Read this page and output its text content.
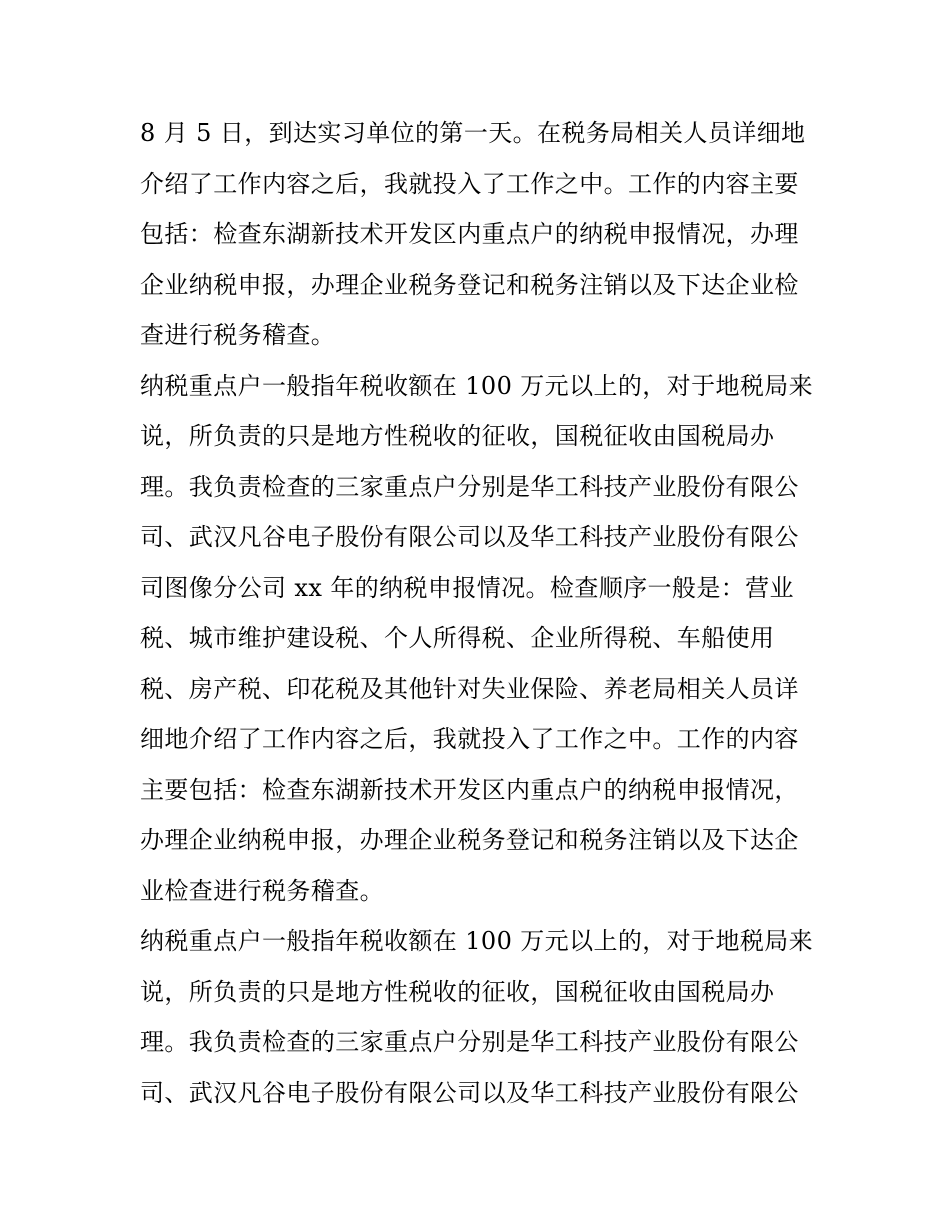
8 月 5 日，到达实习单位的第一天。在税务局相关人员详细地
介绍了工作内容之后，我就投入了工作之中。工作的内容主要
包括：检查东湖新技术开发区内重点户的纳税申报情况，办理
企业纳税申报，办理企业税务登记和税务注销以及下达企业检
查进行税务稽查。
纳税重点户一般指年税收额在 100 万元以上的，对于地税局来
说，所负责的只是地方性税收的征收，国税征收由国税局办
理。我负责检查的三家重点户分别是华工科技产业股份有限公
司、武汉凡谷电子股份有限公司以及华工科技产业股份有限公
司图像分公司 xx 年的纳税申报情况。检查顺序一般是：营业
税、城市维护建设税、个人所得税、企业所得税、车船使用
税、房产税、印花税及其他针对失业保险、养老局相关人员详
细地介绍了工作内容之后，我就投入了工作之中。工作的内容
主要包括：检查东湖新技术开发区内重点户的纳税申报情况，
办理企业纳税申报，办理企业税务登记和税务注销以及下达企
业检查进行税务稽查。
纳税重点户一般指年税收额在 100 万元以上的，对于地税局来
说，所负责的只是地方性税收的征收，国税征收由国税局办
理。我负责检查的三家重点户分别是华工科技产业股份有限公
司、武汉凡谷电子股份有限公司以及华工科技产业股份有限公
